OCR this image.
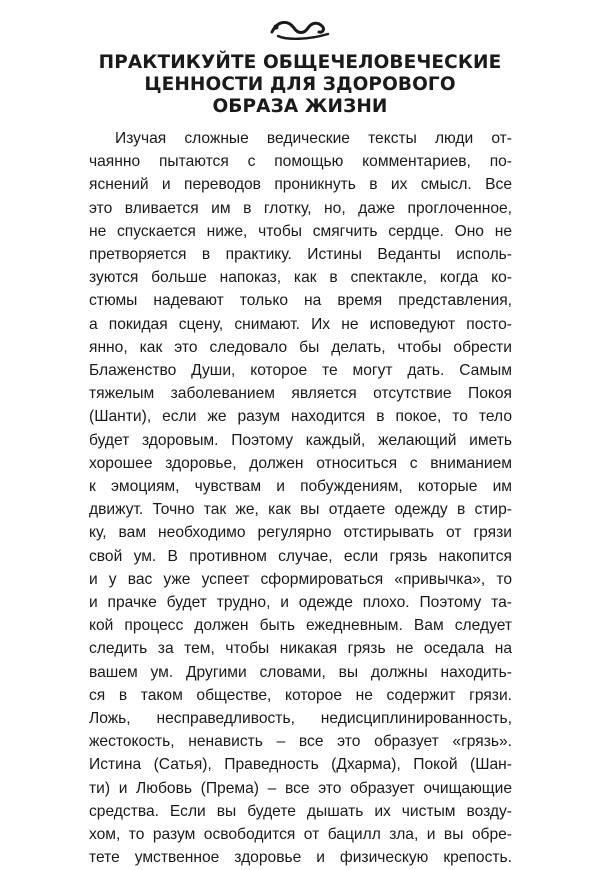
ПРАКТИКУЙТЕ ОБЩЕЧЕЛОВЕЧЕСКИЕ
ЦЕННОСТИ ДЛЯ ЗДОРОВОГО
ОБРАЗА ЖИЗНИ
Изучая сложные ведические тексты люди от-
чаянно пытаются с помощью комментариев, по-
яснений и переводов проникнуть в их смысл. Все
это вливается им в глотку, но, даже проглоченное,
не спускается ниже, чтобы смягчить сердце. Оно не
претворяется в практику. Истины Веданты исполь-
зуются больше напоказ, как в спектакле, когда ко-
стюмы надевают только на время представления,
а покидая сцену, снимают. Их не исповедуют посто-
янно, как это следовало бы делать, чтобы обрести
Блаженство Души, которое те могут дать. Самым
тяжелым заболеванием является отсутствие Покоя
(Шанти), если же разум находится в покое, то тело
будет здоровым. Поэтому каждый, желающий иметь
хорошее здоровье, должен относиться с вниманием
к эмоциям, чувствам и побуждениям, которые им
движут. Точно так же, как вы отдаете одежду в стир-
ку, вам необходимо регулярно отстирывать от грязи
свой ум. В противном случае, если грязь накопится
и у вас уже успеет сформироваться «привычка», то
и прачке будет трудно, и одежде плохо. Поэтому та-
кой процесс должен быть ежедневным. Вам следует
следить за тем, чтобы никакая грязь не оседала на
вашем ум. Другими словами, вы должны находить-
ся в таком обществе, которое не содержит грязи.
Ложь, несправедливость, недисциплинированность,
жестокость, ненависть – все это образует «грязь».
Истина (Сатья), Праведность (Дхарма), Покой (Шан-
ти) и Любовь (Према) – все это образует очищающие
средства. Если вы будете дышать их чистым возду-
хом, то разум освободится от бацилл зла, и вы обре-
тете умственное здоровье и физическую крепость.
